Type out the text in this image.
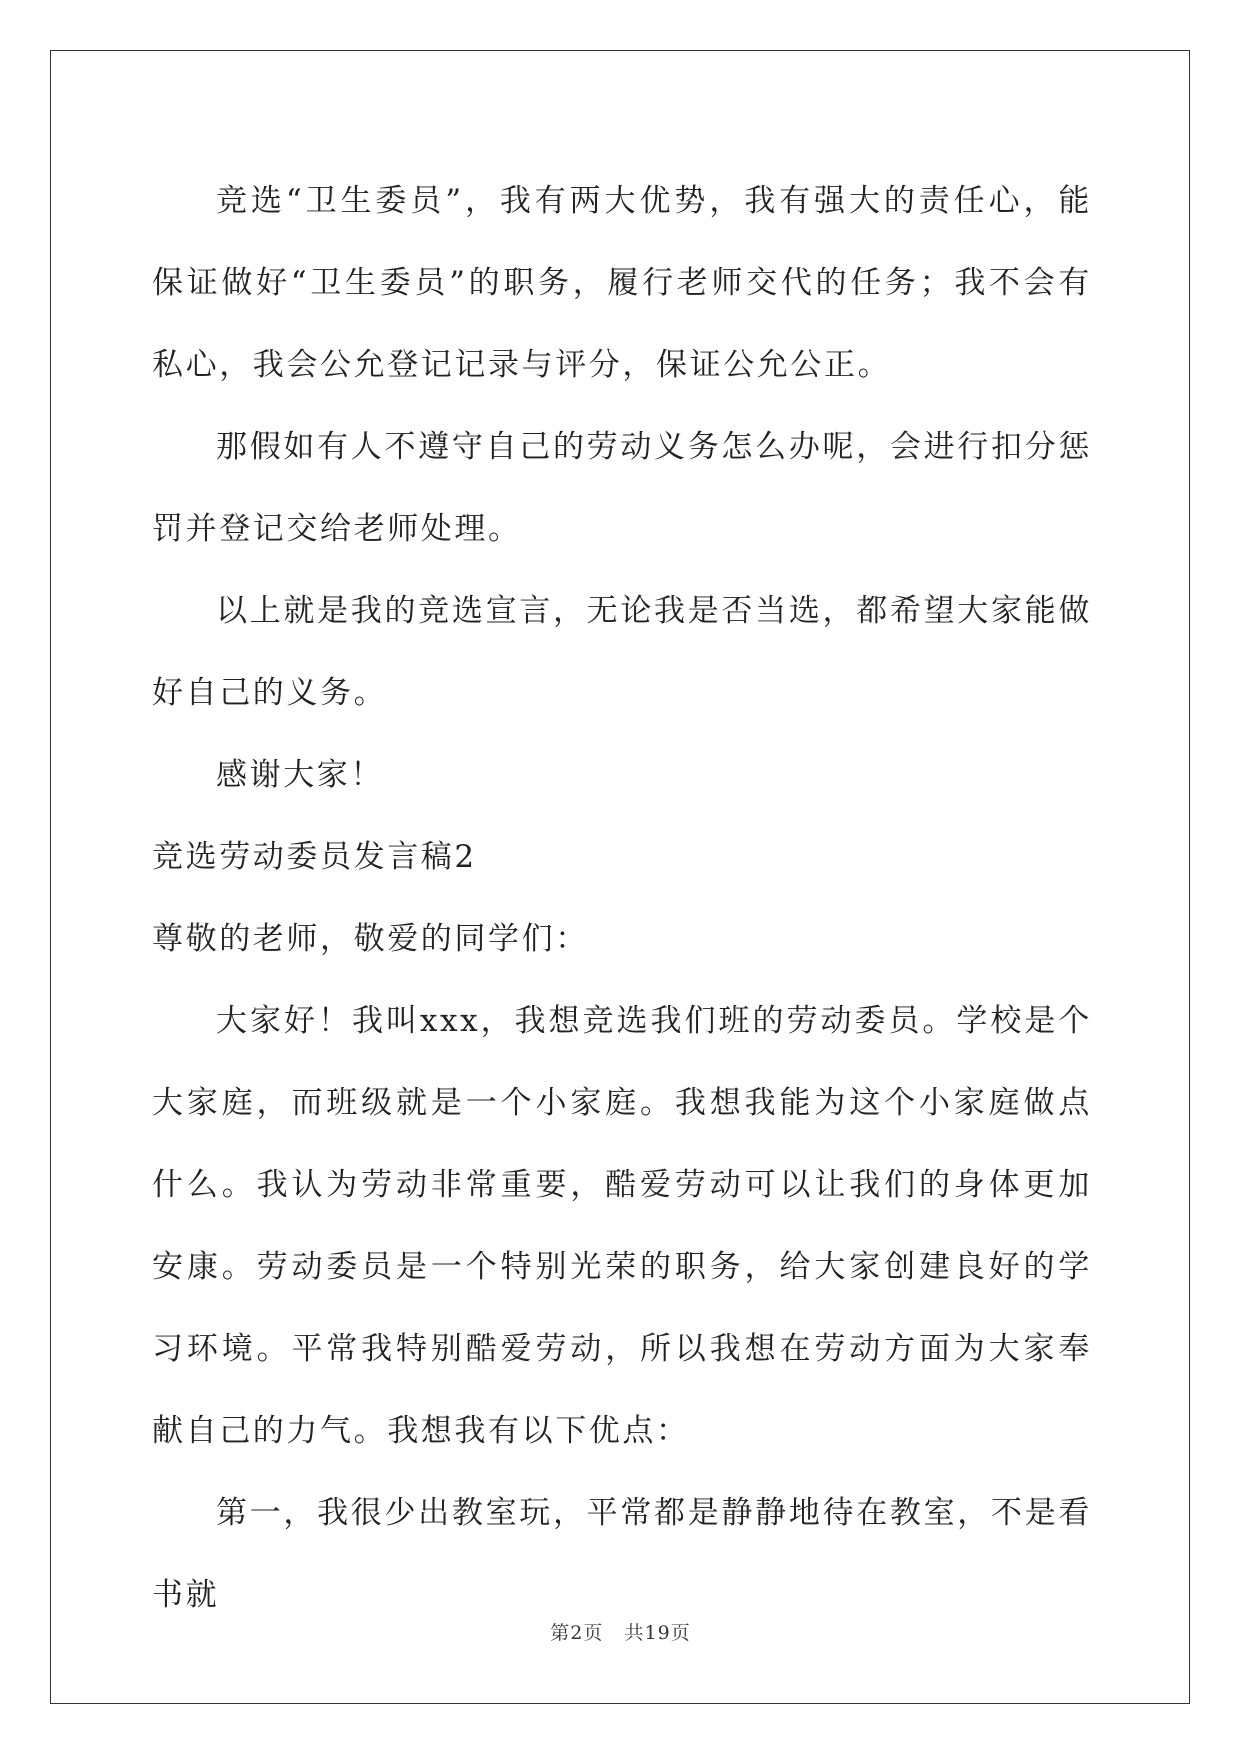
竞选“卫生委员”，我有两大优势，我有强大的责任心，能保证做好“卫生委员”的职务，履行老师交代的任务；我不会有私心，我会公允登记记录与评分，保证公允公正。

那假如有人不遵守自己的劳动义务怎么办呢，会进行扣分惩罚并登记交给老师处理。

以上就是我的竞选宣言，无论我是否当选，都希望大家能做好自己的义务。

感谢大家！

竞选劳动委员发言稿2

尊敬的老师，敬爱的同学们：

大家好！我叫xxx，我想竞选我们班的劳动委员。学校是个大家庭，而班级就是一个小家庭。我想我能为这个小家庭做点什么。我认为劳动非常重要，酷爱劳动可以让我们的身体更加安康。劳动委员是一个特别光荣的职务，给大家创建良好的学习环境。平常我特别酷爱劳动，所以我想在劳动方面为大家奉献自己的力气。我想我有以下优点：

第一，我很少出教室玩，平常都是静静地待在教室，不是看书就

第2页 共19页
